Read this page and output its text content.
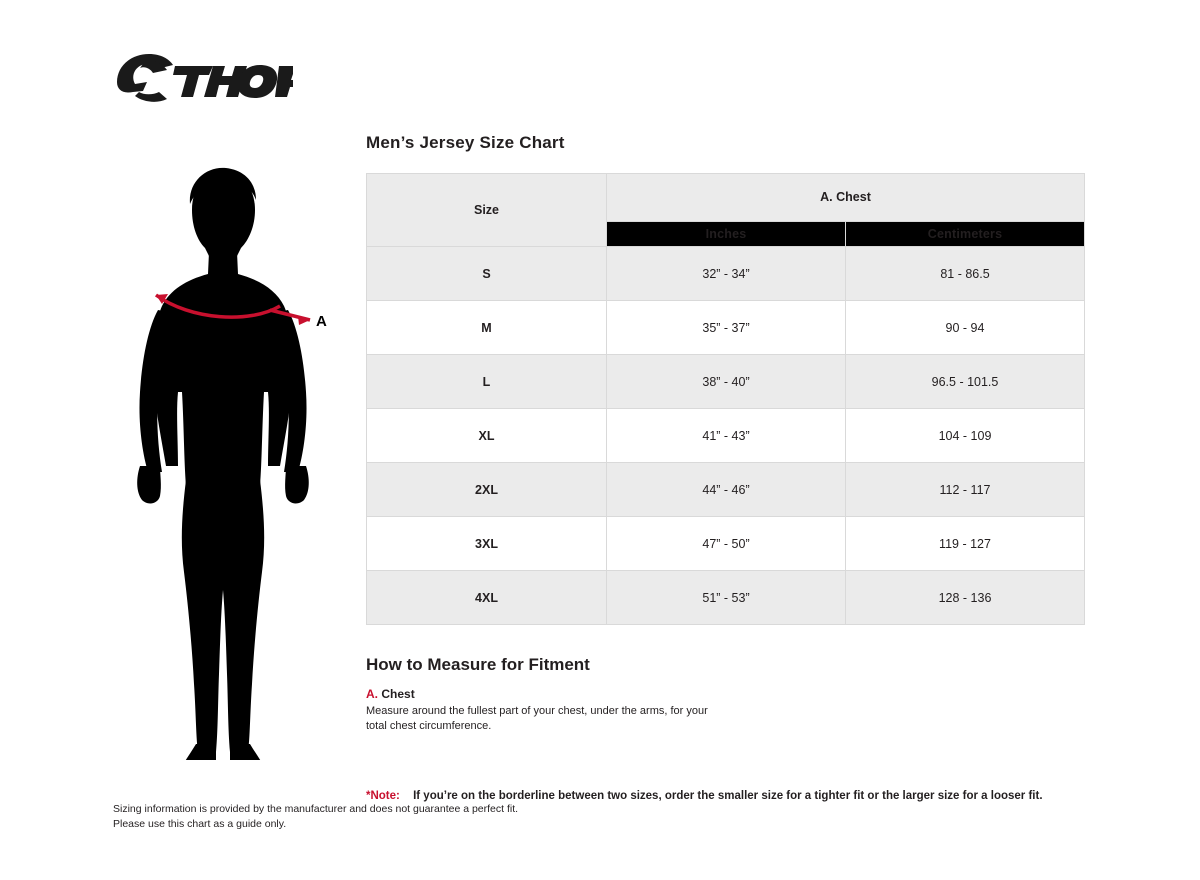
A
Men’s Jersey Size Chart
Size	A. Chest	
	Inches	Centimeters
S	32” - 34”	81 - 86.5
M	35” - 37”	90 - 94
L	38” - 40”	96.5 - 101.5
XL	41” - 43”	104 - 109
2XL	44” - 46”	112 - 117
3XL	47” - 50”	119 - 127
4XL	51” - 53”	128 - 136
How to Measure for Fitment
A. Chest

Measure around the fullest part of your chest, under the arms, for your
total chest circumference.

*Note: If you’re on the borderline between two sizes, order the smaller size for a tighter fit or the larger size for a looser fit.
Sizing information is provided by the manufacturer and does not guarantee a perfect fit.
Please use this chart as a guide only.
